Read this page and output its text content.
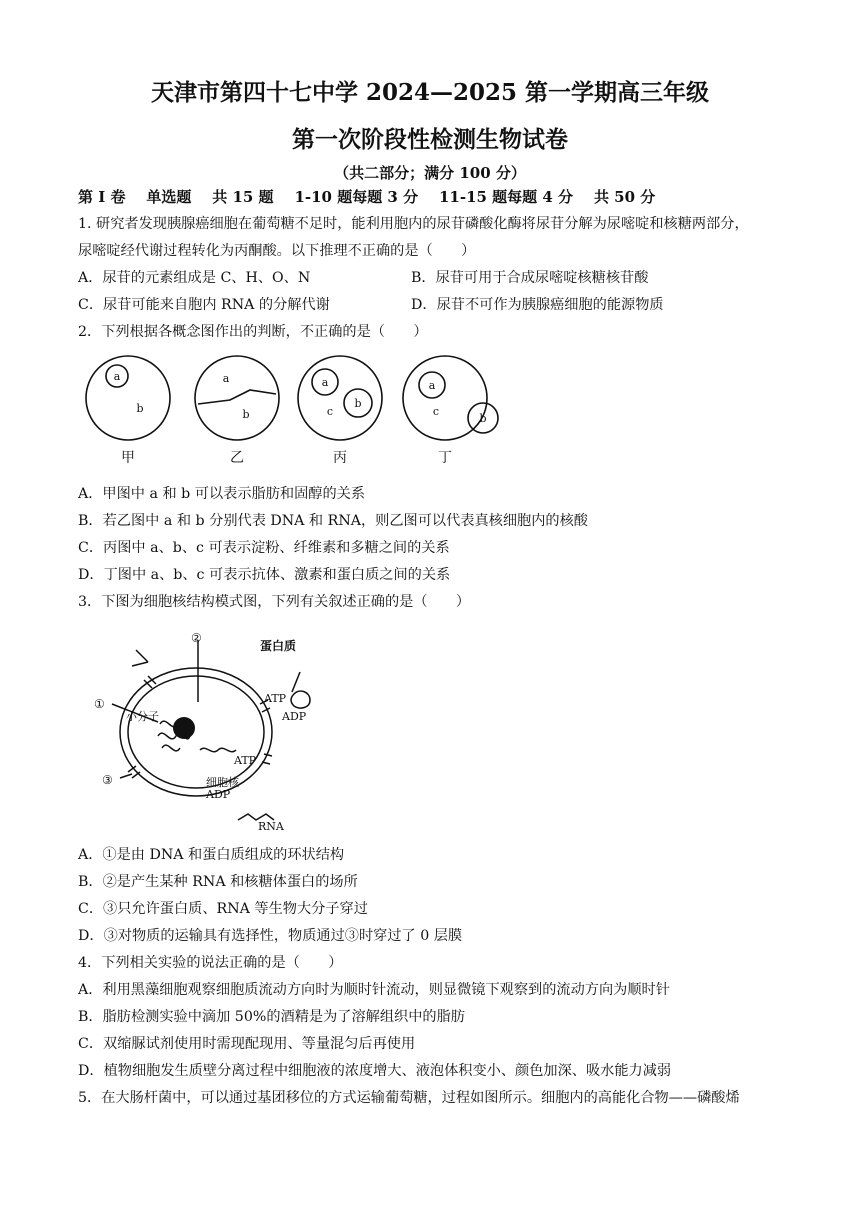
天津市第四十七中学 2024—2025 第一学期高三年级
第一次阶段性检测生物试卷
（共二部分；满分 100 分）
第 I 卷    单选题    共 15 题    1-10 题每题 3 分    11-15 题每题 4 分    共 50 分
1. 研究者发现胰腺癌细胞在葡萄糖不足时，能利用胞内的尿苷磷酸化酶将尿苷分解为尿嘧啶和核糖两部分，
尿嘧啶经代谢过程转化为丙酮酸。以下推理不正确的是（　　）
A．尿苷的元素组成是 C、H、O、N	B．尿苷可用于合成尿嘧啶核糖核苷酸
C．尿苷可能来自胞内 RNA 的分解代谢	D．尿苷不可作为胰腺癌细胞的能源物质
2．下列根据各概念图作出的判断，不正确的是（　　）
a
b
a
b
a
c
b
a
c
b
甲	乙	丙	丁
A．甲图中 a 和 b 可以表示脂肪和固醇的关系
B．若乙图中 a 和 b 分别代表 DNA 和 RNA，则乙图可以代表真核细胞内的核酸
C．丙图中 a、b、c 可表示淀粉、纤维素和多糖之间的关系
D．丁图中 a、b、c 可表示抗体、激素和蛋白质之间的关系
3．下图为细胞核结构模式图，下列有关叙述正确的是（　　）
②
①
③
蛋白质
ATP
ADP
小分子
ATP
细胞核
ADP
RNA
A．①是由 DNA 和蛋白质组成的环状结构
B．②是产生某种 RNA 和核糖体蛋白的场所
C．③只允许蛋白质、RNA 等生物大分子穿过
D．③对物质的运输具有选择性，物质通过③时穿过了 0 层膜
4．下列相关实验的说法正确的是（　　）
A．利用黑藻细胞观察细胞质流动方向时为顺时针流动，则显微镜下观察到的流动方向为顺时针
B．脂肪检测实验中滴加 50%的酒精是为了溶解组织中的脂肪
C．双缩脲试剂使用时需现配现用、等量混匀后再使用
D．植物细胞发生质壁分离过程中细胞液的浓度增大、液泡体积变小、颜色加深、吸水能力减弱
5．在大肠杆菌中，可以通过基团移位的方式运输葡萄糖，过程如图所示。细胞内的高能化合物——磷酸烯
